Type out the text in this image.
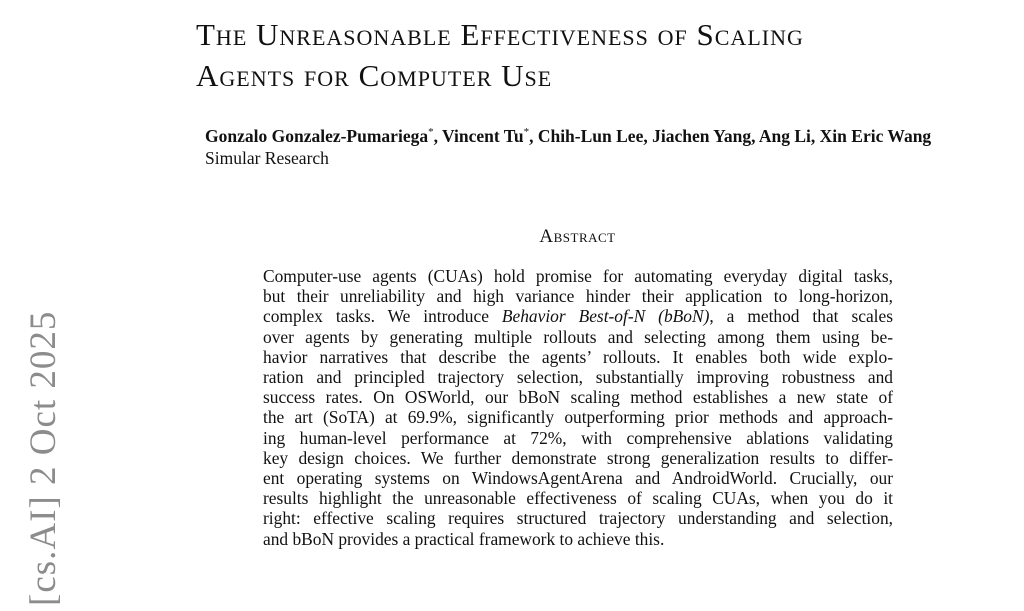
The Unreasonable Effectiveness of Scaling
Agents for Computer Use
Gonzalo Gonzalez-Pumariega*, Vincent Tu*, Chih-Lun Lee, Jiachen Yang, Ang Li, Xin Eric Wang
Simular Research
Abstract
Computer-use agents (CUAs) hold promise for automating everyday digital tasks,
but their unreliability and high variance hinder their application to long-horizon,
complex tasks. We introduce Behavior Best-of-N (bBoN), a method that scales
over agents by generating multiple rollouts and selecting among them using be-
havior narratives that describe the agents’ rollouts. It enables both wide explo-
ration and principled trajectory selection, substantially improving robustness and
success rates. On OSWorld, our bBoN scaling method establishes a new state of
the art (SoTA) at 69.9%, significantly outperforming prior methods and approach-
ing human-level performance at 72%, with comprehensive ablations validating
key design choices. We further demonstrate strong generalization results to differ-
ent operating systems on WindowsAgentArena and AndroidWorld. Crucially, our
results highlight the unreasonable effectiveness of scaling CUAs, when you do it
right: effective scaling requires structured trajectory understanding and selection,
and bBoN provides a practical framework to achieve this.
[cs.AI] 2 Oct 2025
